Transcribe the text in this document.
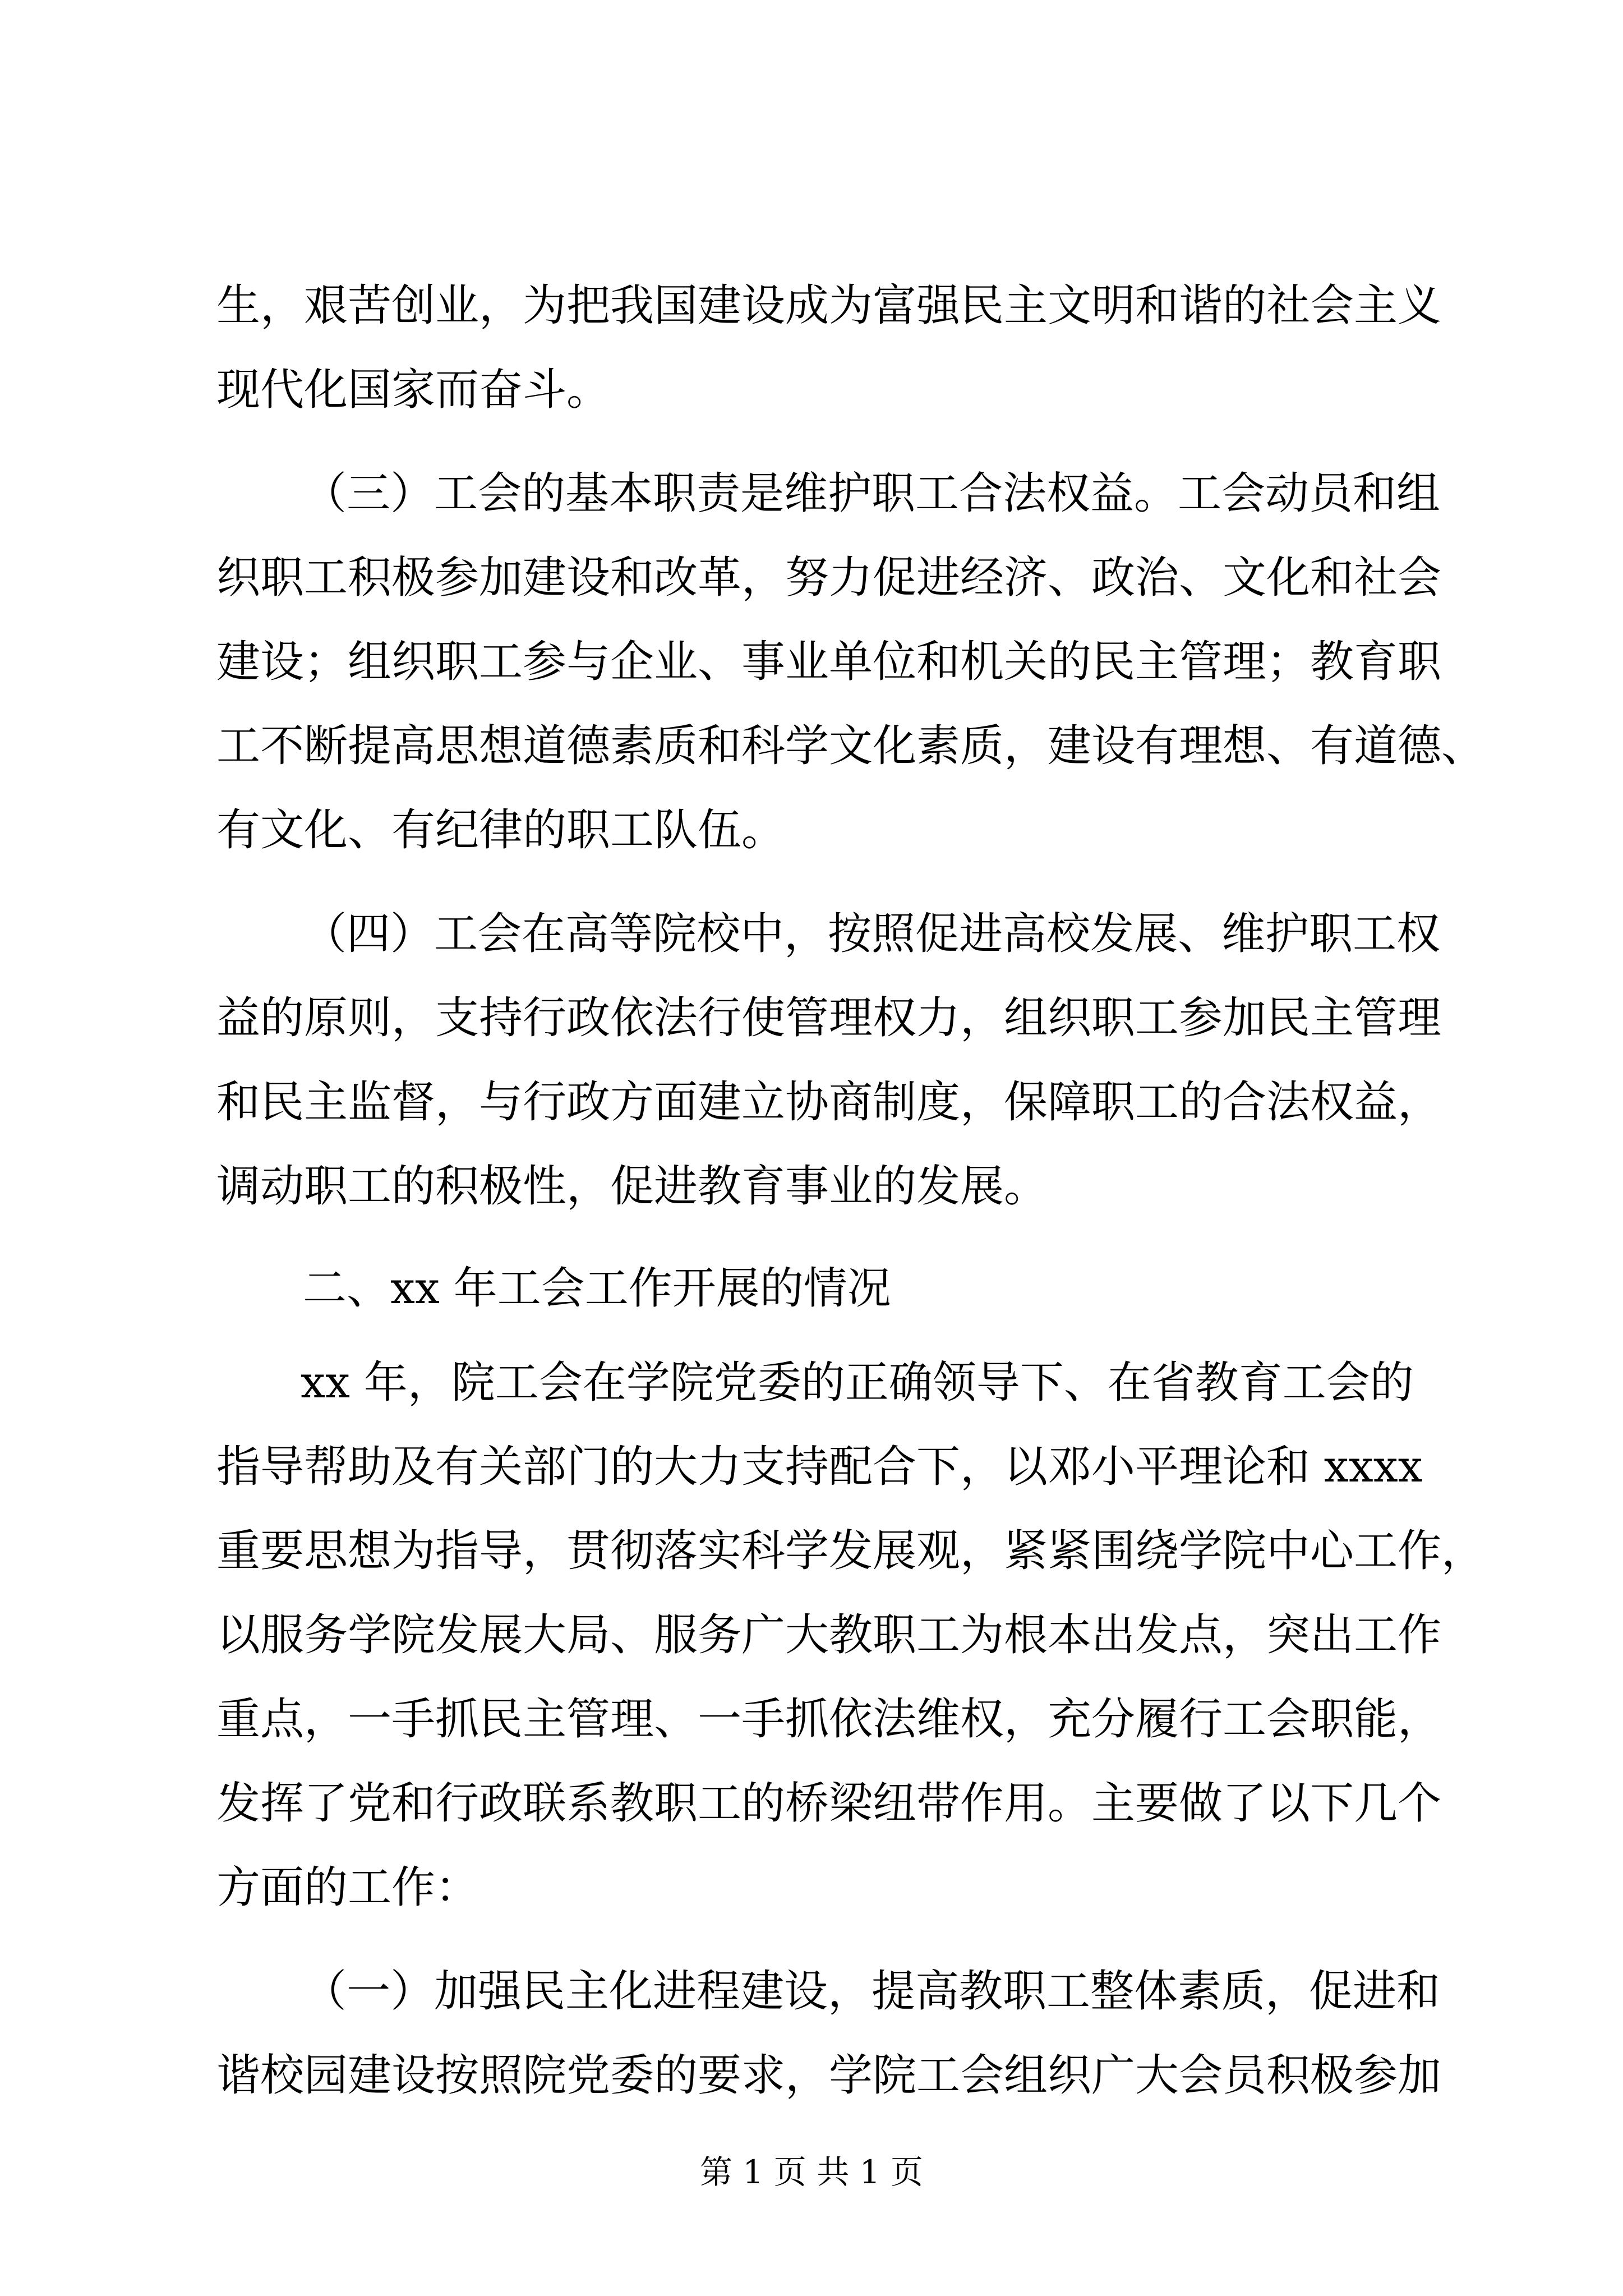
生，艰苦创业，为把我国建设成为富强民主文明和谐的社会主义

现代化国家而奋斗。

（三）工会的基本职责是维护职工合法权益。工会动员和组

织职工积极参加建设和改革，努力促进经济、政治、文化和社会

建设；组织职工参与企业、事业单位和机关的民主管理；教育职

工不断提高思想道德素质和科学文化素质，建设有理想、有道德、

有文化、有纪律的职工队伍。

（四）工会在高等院校中，按照促进高校发展、维护职工权

益的原则，支持行政依法行使管理权力，组织职工参加民主管理

和民主监督，与行政方面建立协商制度，保障职工的合法权益，

调动职工的积极性，促进教育事业的发展。

二、xx 年工会工作开展的情况

xx 年，院工会在学院党委的正确领导下、在省教育工会的

指导帮助及有关部门的大力支持配合下，以邓小平理论和 xxxx

重要思想为指导，贯彻落实科学发展观，紧紧围绕学院中心工作，

以服务学院发展大局、服务广大教职工为根本出发点，突出工作

重点，一手抓民主管理、一手抓依法维权，充分履行工会职能，

发挥了党和行政联系教职工的桥梁纽带作用。主要做了以下几个

方面的工作：

（一）加强民主化进程建设，提高教职工整体素质，促进和

谐校园建设按照院党委的要求，学院工会组织广大会员积极参加

第 1 页 共 1 页
